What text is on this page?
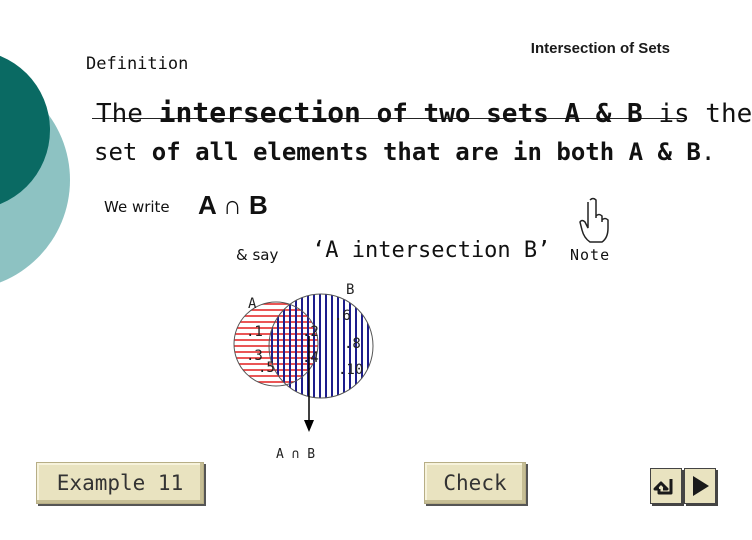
Intersection of Sets
Definition
The intersection of two sets A & B is the
set of all elements that are in both A & B.
We write A ∩ B
& say ‘A intersection B’ Note
A
B
.1
.3
.5
.2
.4
.6
.8
.10
A ∩ B
Example 11	Check
